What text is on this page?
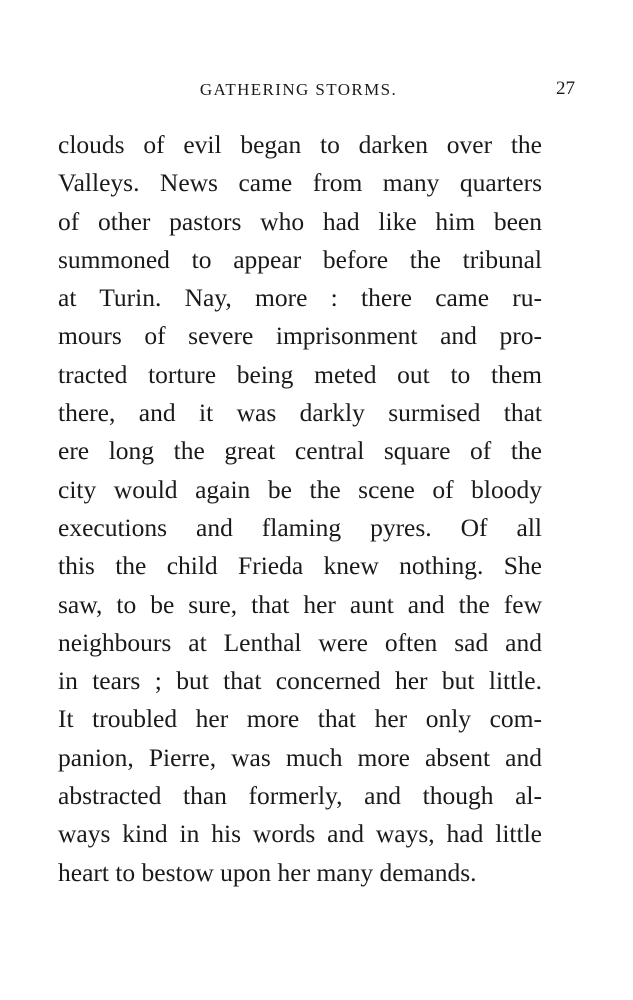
GATHERING STORMS.	27
clouds of evil began to darken over the
Valleys. News came from many quarters
of other pastors who had like him been
summoned to appear before the tribunal
at Turin. Nay, more : there came ru-
mours of severe imprisonment and pro-
tracted torture being meted out to them
there, and it was darkly surmised that
ere long the great central square of the
city would again be the scene of bloody
executions and flaming pyres. Of all
this the child Frieda knew nothing. She
saw, to be sure, that her aunt and the few
neighbours at Lenthal were often sad and
in tears ; but that concerned her but little.
It troubled her more that her only com-
panion, Pierre, was much more absent and
abstracted than formerly, and though al-
ways kind in his words and ways, had little
heart to bestow upon her many demands.
